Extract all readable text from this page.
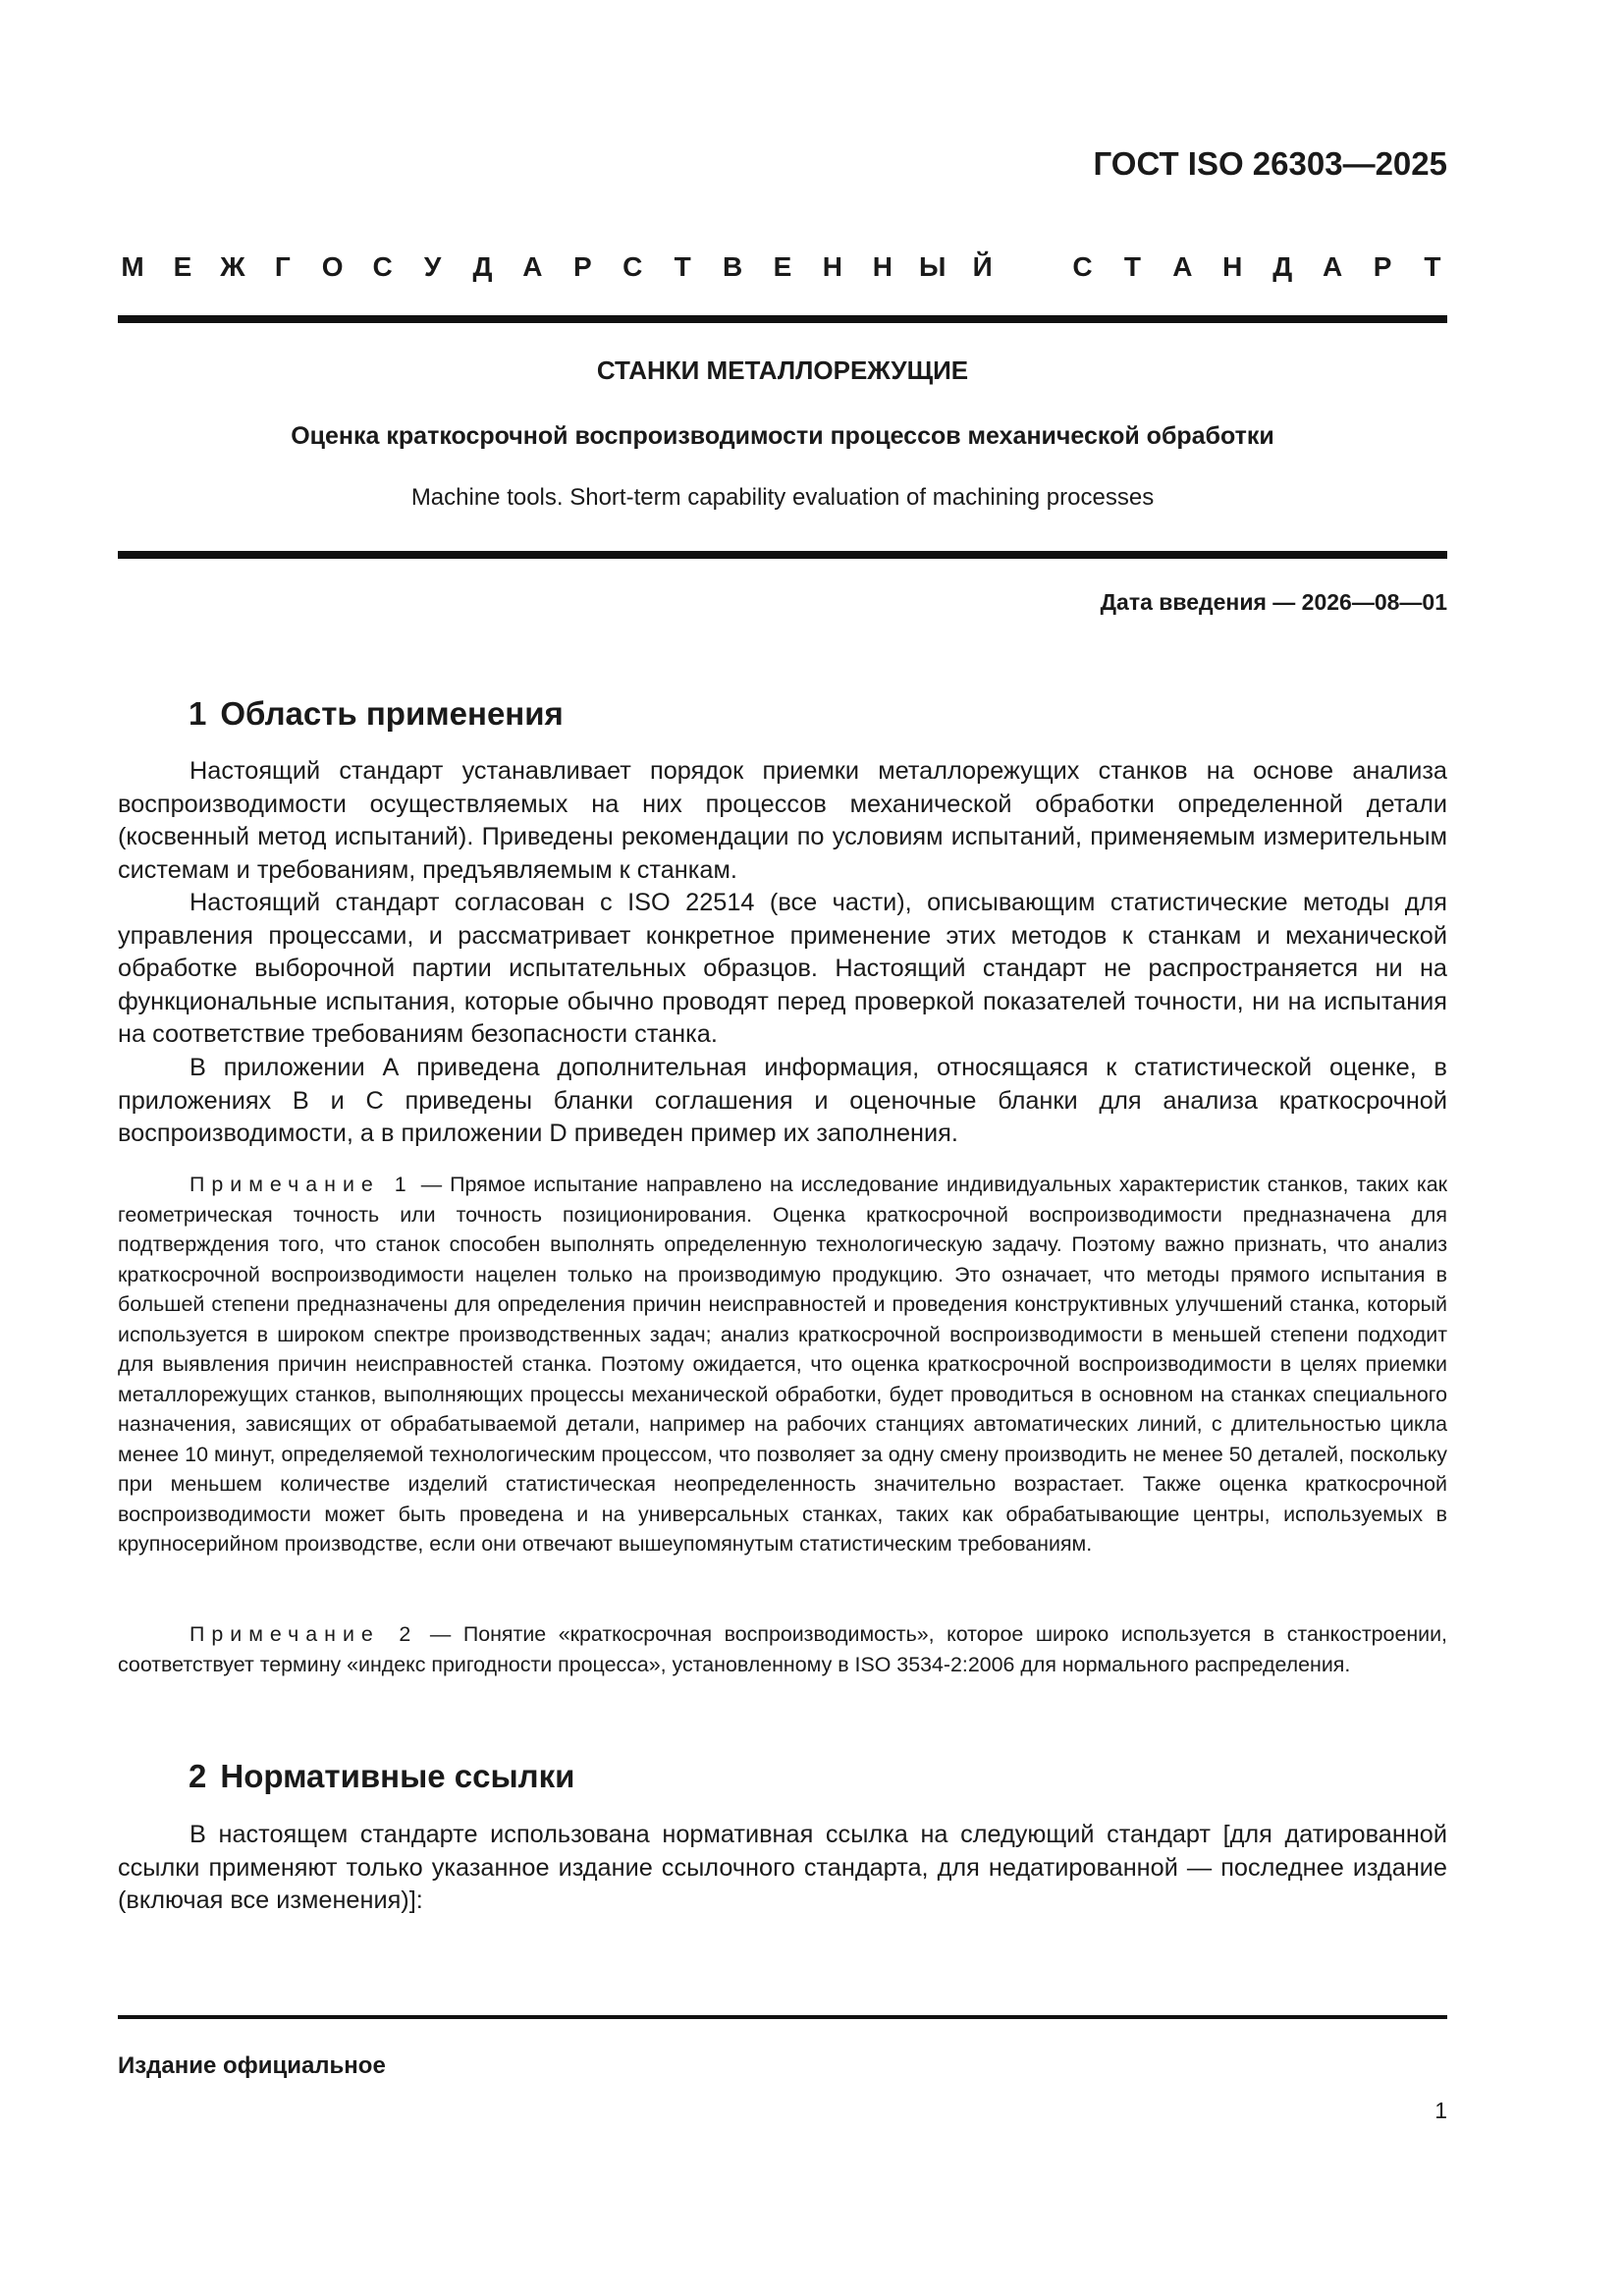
ГОСТ ISO 26303—2025
М Е Ж Г О С У Д А Р С Т В Е Н Н Ы Й	С Т А Н Д А Р Т
СТАНКИ МЕТАЛЛОРЕЖУЩИЕ
Оценка краткосрочной воспроизводимости процессов механической обработки
Machine tools. Short-term capability evaluation of machining processes
Дата введения — 2026—08—01
1 Область применения

Настоящий стандарт устанавливает порядок приемки металлорежущих станков на основе анализа воспроизводимости осуществляемых на них процессов механической обработки определенной детали (косвенный метод испытаний). Приведены рекомендации по условиям испытаний, применяемым измерительным системам и требованиям, предъявляемым к станкам.

Настоящий стандарт согласован с ISO 22514 (все части), описывающим статистические методы для управления процессами, и рассматривает конкретное применение этих методов к станкам и механической обработке выборочной партии испытательных образцов. Настоящий стандарт не распространяется ни на функциональные испытания, которые обычно проводят перед проверкой показателей точности, ни на испытания на соответствие требованиям безопасности станка.

В приложении А приведена дополнительная информация, относящаяся к статистической оценке, в приложениях В и С приведены бланки соглашения и оценочные бланки для анализа краткосрочной воспроизводимости, а в приложении D приведен пример их заполнения.

Примечание 1 — Прямое испытание направлено на исследование индивидуальных характеристик станков, таких как геометрическая точность или точность позиционирования. Оценка краткосрочной воспроизводимости предназначена для подтверждения того, что станок способен выполнять определенную технологическую задачу. Поэтому важно признать, что анализ краткосрочной воспроизводимости нацелен только на производимую продукцию. Это означает, что методы прямого испытания в большей степени предназначены для определения причин неисправностей и проведения конструктивных улучшений станка, который используется в широком спектре производственных задач; анализ краткосрочной воспроизводимости в меньшей степени подходит для выявления причин неисправностей станка. Поэтому ожидается, что оценка краткосрочной воспроизводимости в целях приемки металлорежущих станков, выполняющих процессы механической обработки, будет проводиться в основном на станках специального назначения, зависящих от обрабатываемой детали, например на рабочих станциях автоматических линий, с длительностью цикла менее 10 минут, определяемой технологическим процессом, что позволяет за одну смену производить не менее 50 деталей, поскольку при меньшем количестве изделий статистическая неопределенность значительно возрастает. Также оценка краткосрочной воспроизводимости может быть проведена и на универсальных станках, таких как обрабатывающие центры, используемых в крупносерийном производстве, если они отвечают вышеупомянутым статистическим требованиям.

Примечание 2 — Понятие «краткосрочная воспроизводимость», которое широко используется в станкостроении, соответствует термину «индекс пригодности процесса», установленному в ISO 3534-2:2006 для нормального распределения.

2 Нормативные ссылки

В настоящем стандарте использована нормативная ссылка на следующий стандарт [для датированной ссылки применяют только указанное издание ссылочного стандарта, для недатированной — последнее издание (включая все изменения)]:

Издание официальное
1
